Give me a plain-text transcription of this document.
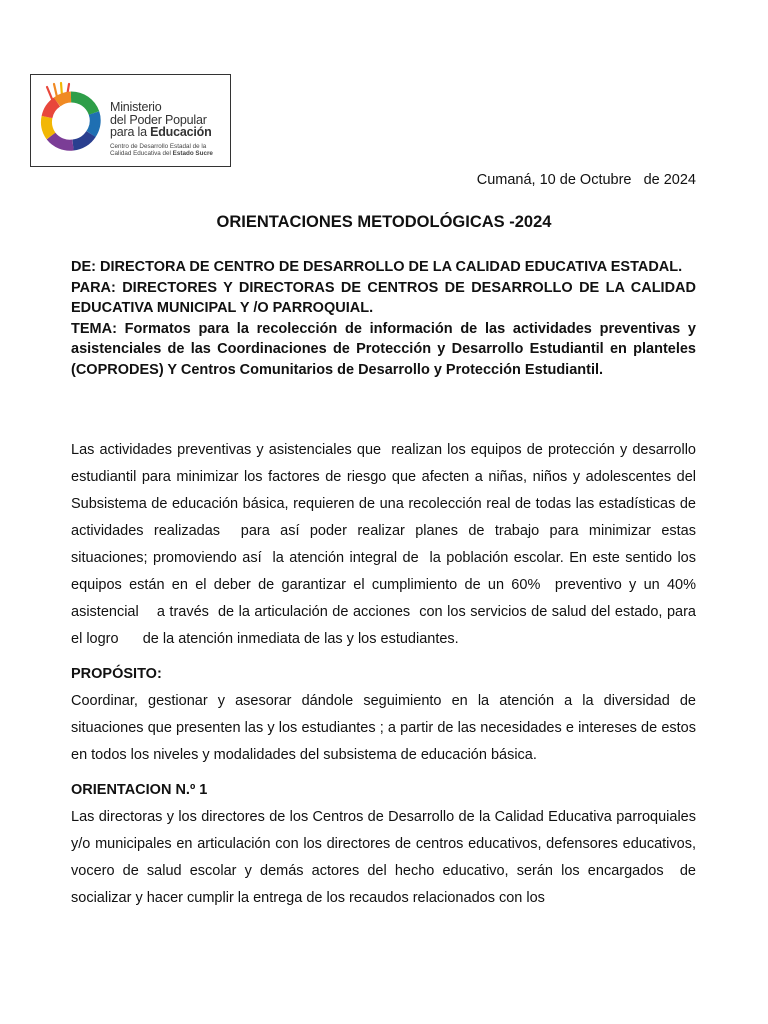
Ministerio
del Poder Popular
para la Educación
Centro de Desarrollo Estadal de la
Calidad Educativa del Estado Sucre
Cumaná, 10 de Octubre   de 2024
ORIENTACIONES METODOLÓGICAS -2024

DE: DIRECTORA DE CENTRO DE DESARROLLO DE LA CALIDAD EDUCATIVA ESTADAL.

PARA: DIRECTORES Y DIRECTORAS DE CENTROS DE DESARROLLO DE LA CALIDAD EDUCATIVA MUNICIPAL Y /O PARROQUIAL.

TEMA: Formatos para la recolección de información de las actividades preventivas y asistenciales de las Coordinaciones de Protección y Desarrollo Estudiantil en planteles (COPRODES) Y Centros Comunitarios de Desarrollo y Protección Estudiantil.

Las actividades preventivas y asistenciales que  realizan los equipos de protección y desarrollo estudiantil para minimizar los factores de riesgo que afecten a niñas, niños y adolescentes del Subsistema de educación básica, requieren de una recolección real de todas las estadísticas de  actividades realizadas  para así poder realizar planes de trabajo para minimizar estas situaciones; promoviendo así  la atención integral de  la población escolar. En este sentido los equipos están en el deber de garantizar el cumplimiento de un 60%  preventivo y un 40%  asistencial    a través  de la articulación de acciones  con los servicios de salud del estado, para el logro      de la atención inmediata de las y los estudiantes.

PROPÓSITO:

Coordinar, gestionar y asesorar dándole seguimiento en la atención a la diversidad de situaciones que presenten las y los estudiantes ; a partir de las necesidades e intereses de estos en todos los niveles y modalidades del subsistema de educación básica.

ORIENTACION N.º 1

Las directoras y los directores de los Centros de Desarrollo de la Calidad Educativa parroquiales y/o municipales en articulación con los directores de centros educativos, defensores educativos, vocero de salud escolar y demás actores del hecho educativo, serán los encargados  de socializar y hacer cumplir la entrega de los recaudos relacionados con los
